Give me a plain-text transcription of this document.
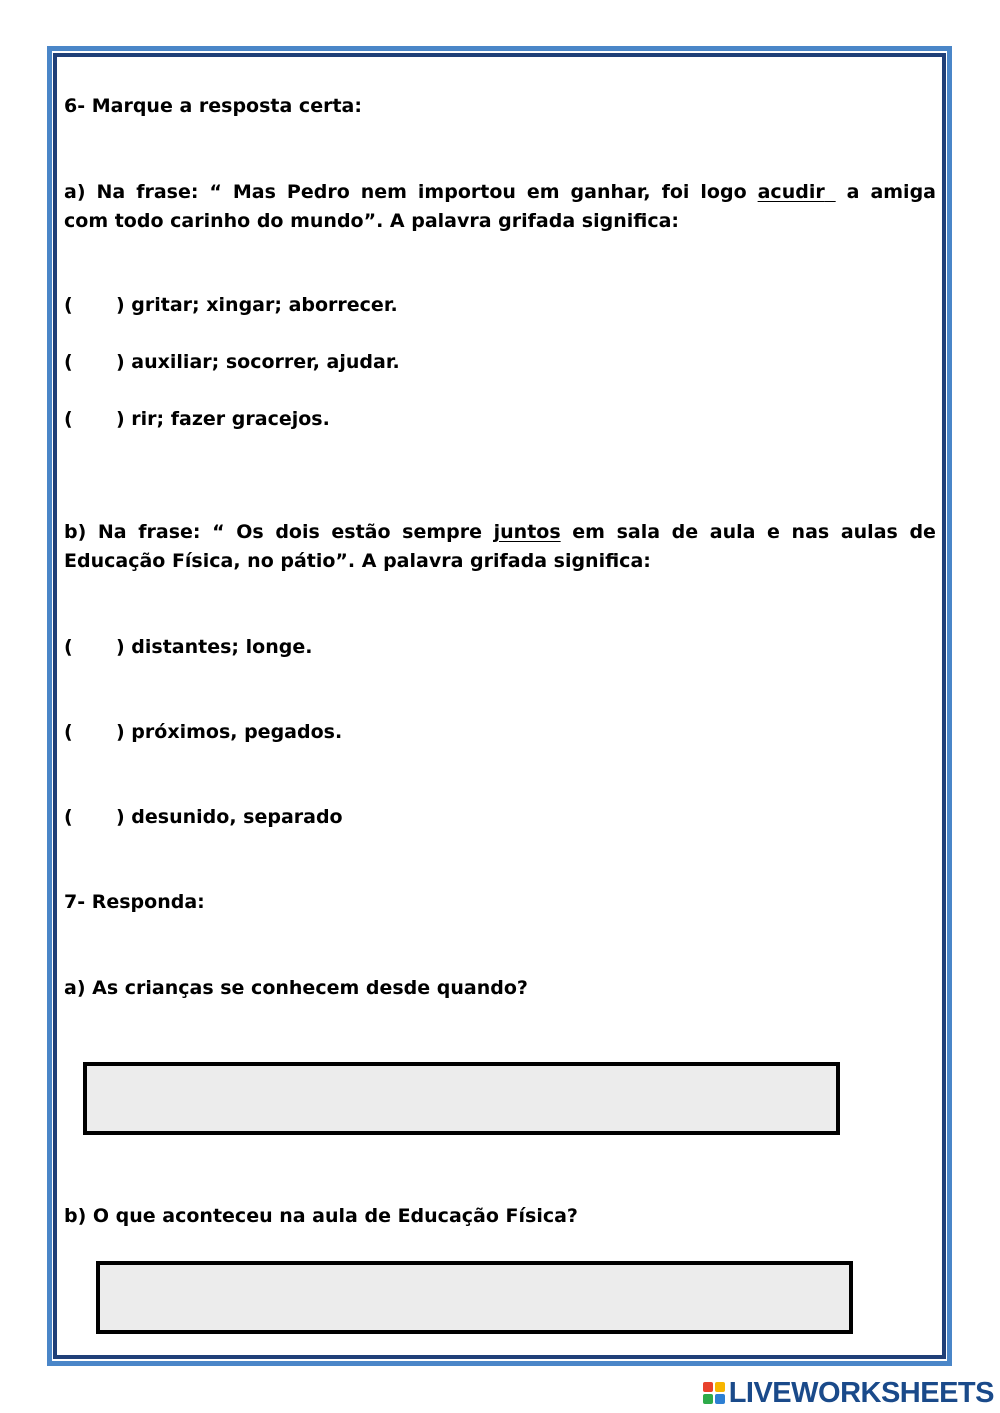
6- Marque a resposta certa:
a) Na frase: “ Mas Pedro nem importou em ganhar, foi logo acudir a amiga
com todo carinho do mundo”. A palavra grifada significa:
( ) gritar; xingar; aborrecer.
( ) auxiliar; socorrer, ajudar.
( ) rir; fazer gracejos.
b) Na frase: “ Os dois estão sempre juntos em sala de aula e nas aulas de
Educação Física, no pátio”. A palavra grifada significa:
( ) distantes; longe.
( ) próximos, pegados.
( ) desunido, separado
7- Responda:
a) As crianças se conhecem desde quando?
b) O que aconteceu na aula de Educação Física?
LIVEWORKSHEETS
